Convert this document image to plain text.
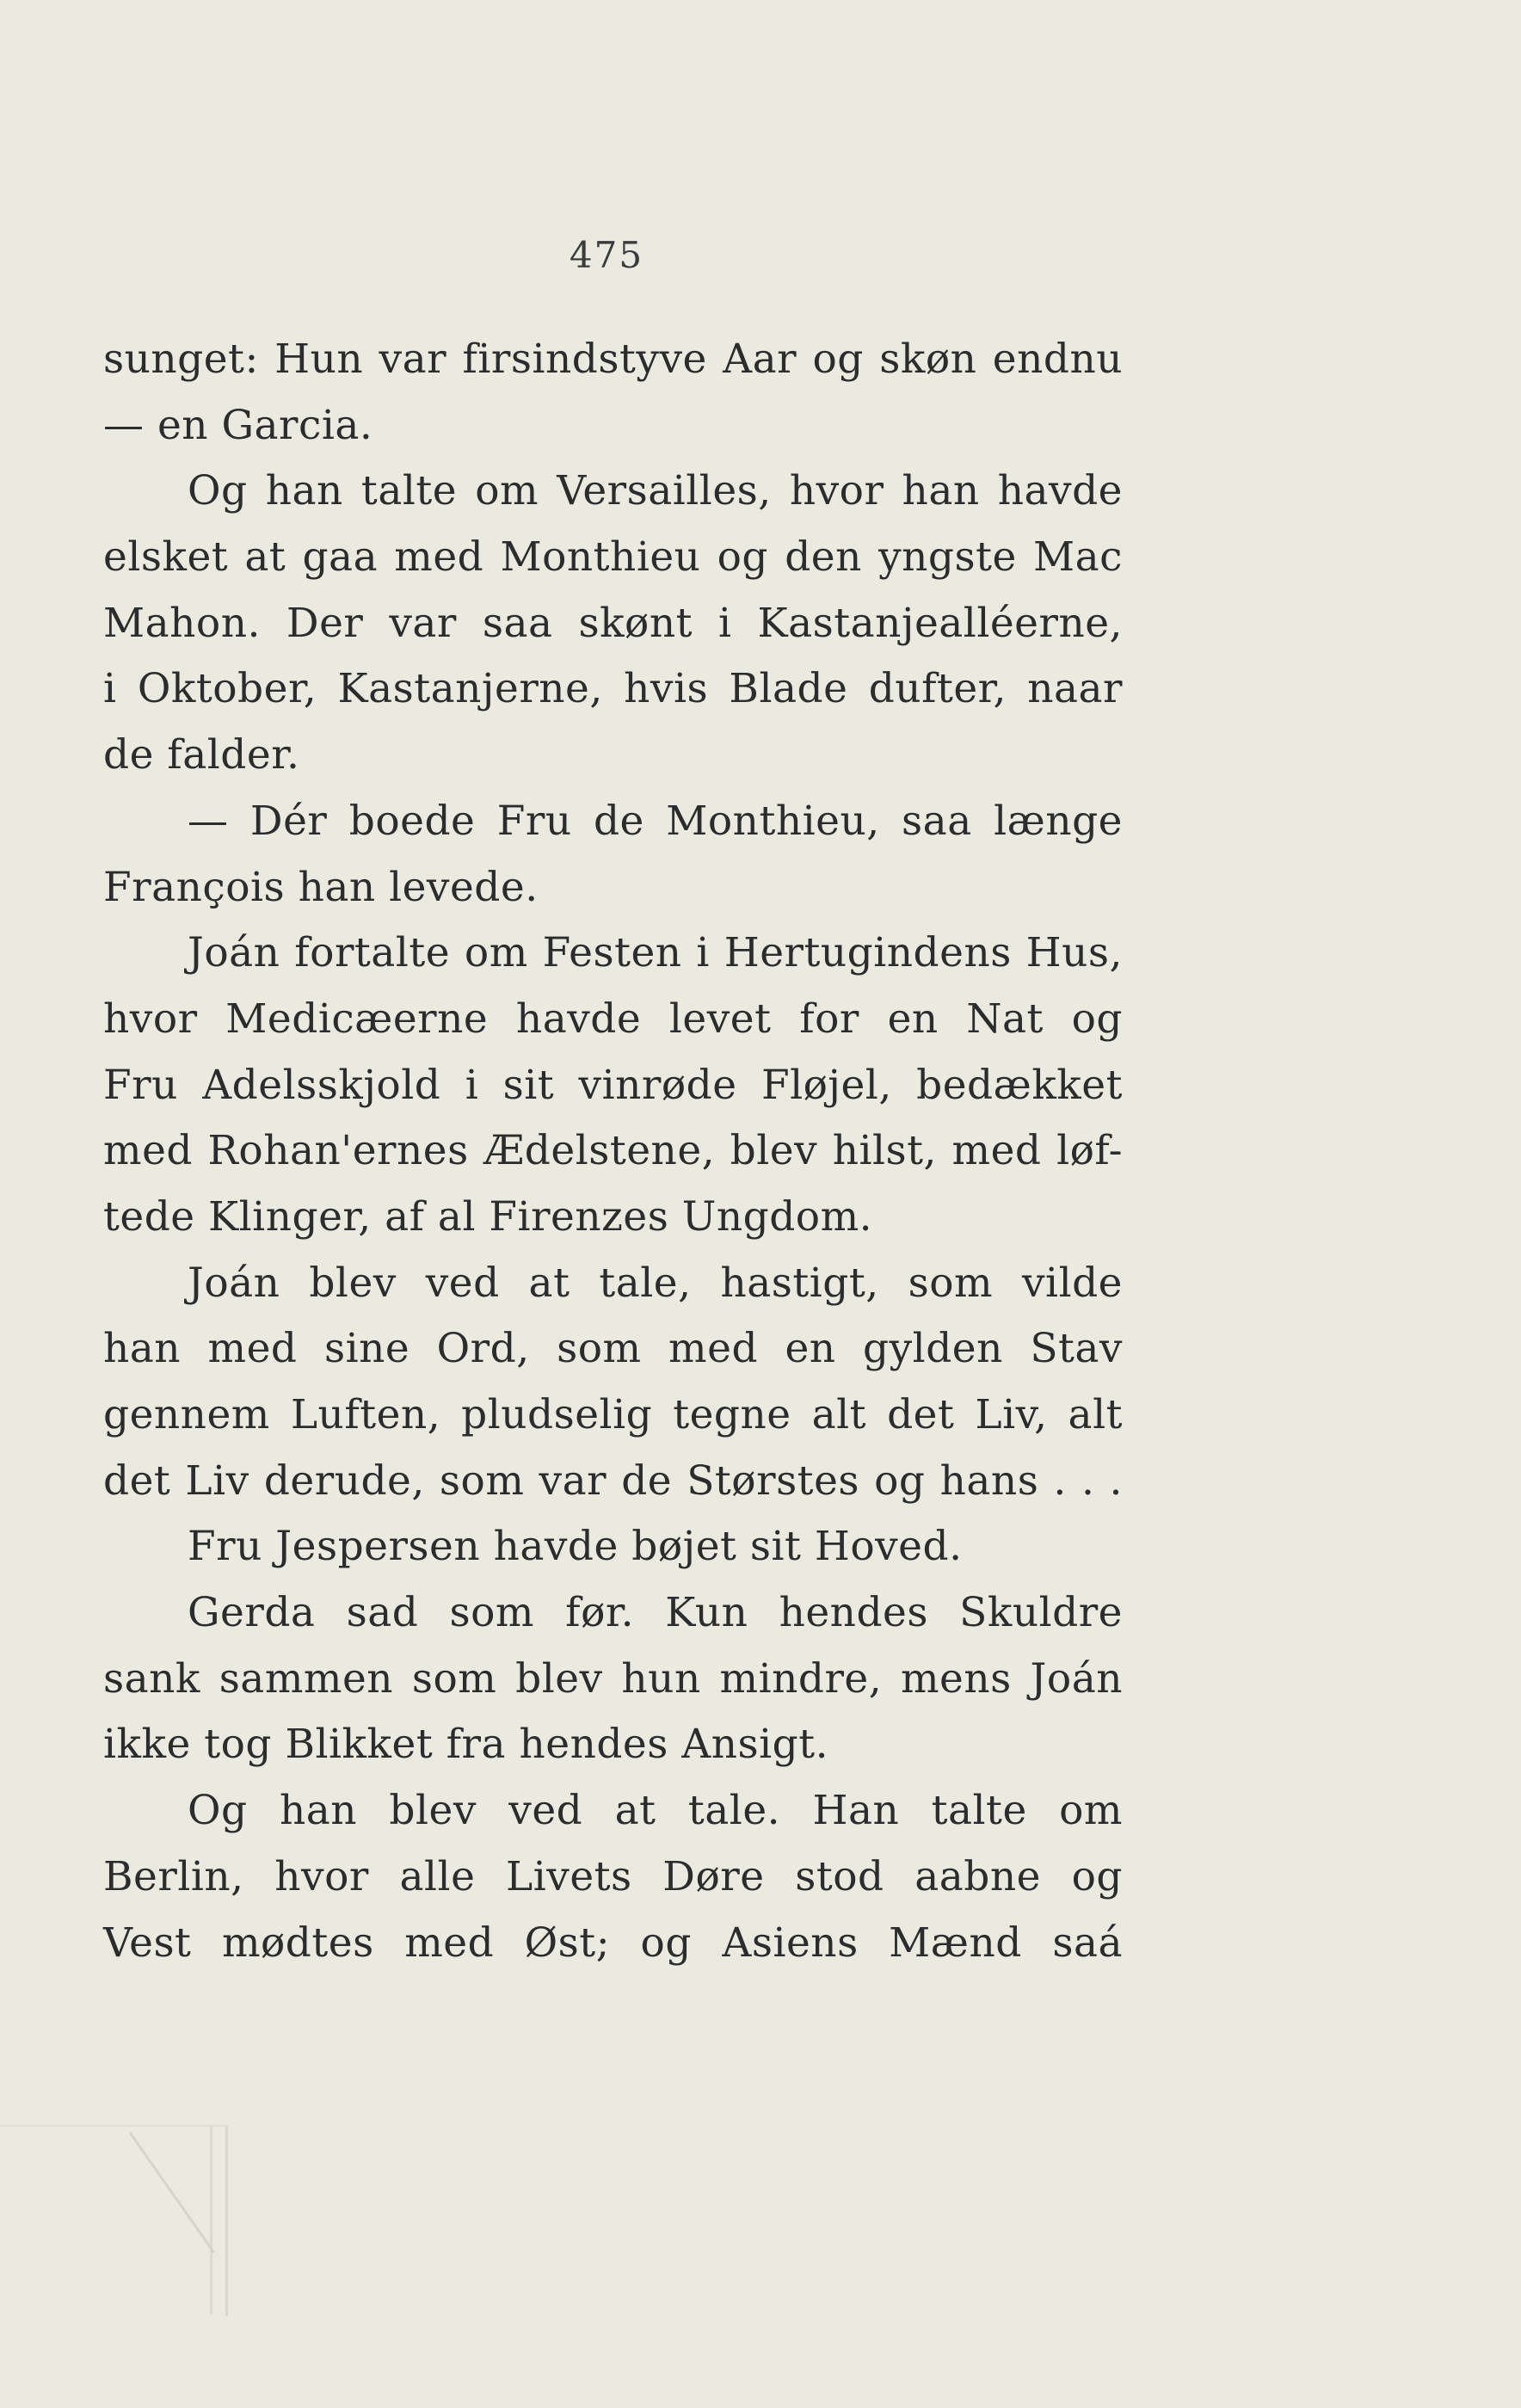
475
sunget: Hun var firsindstyve Aar og skøn endnu
— en Garcia.
Og han talte om Versailles, hvor han havde
elsket at gaa med Monthieu og den yngste Mac
Mahon. Der var saa skønt i Kastanjealléerne,
i Oktober, Kastanjerne, hvis Blade dufter, naar
de falder.
— Dér boede Fru de Monthieu, saa længe
François han levede.
Joán fortalte om Festen i Hertugindens Hus,
hvor Medicæerne havde levet for en Nat og
Fru Adelsskjold i sit vinrøde Fløjel, bedækket
med Rohan'ernes Ædelstene, blev hilst, med løf-
tede Klinger, af al Firenzes Ungdom.
Joán blev ved at tale, hastigt, som vilde
han med sine Ord, som med en gylden Stav
gennem Luften, pludselig tegne alt det Liv, alt
det Liv derude, som var de Størstes og hans . . .
Fru Jespersen havde bøjet sit Hoved.
Gerda sad som før. Kun hendes Skuldre
sank sammen som blev hun mindre, mens Joán
ikke tog Blikket fra hendes Ansigt.
Og han blev ved at tale. Han talte om
Berlin, hvor alle Livets Døre stod aabne og
Vest mødtes med Øst; og Asiens Mænd saá
